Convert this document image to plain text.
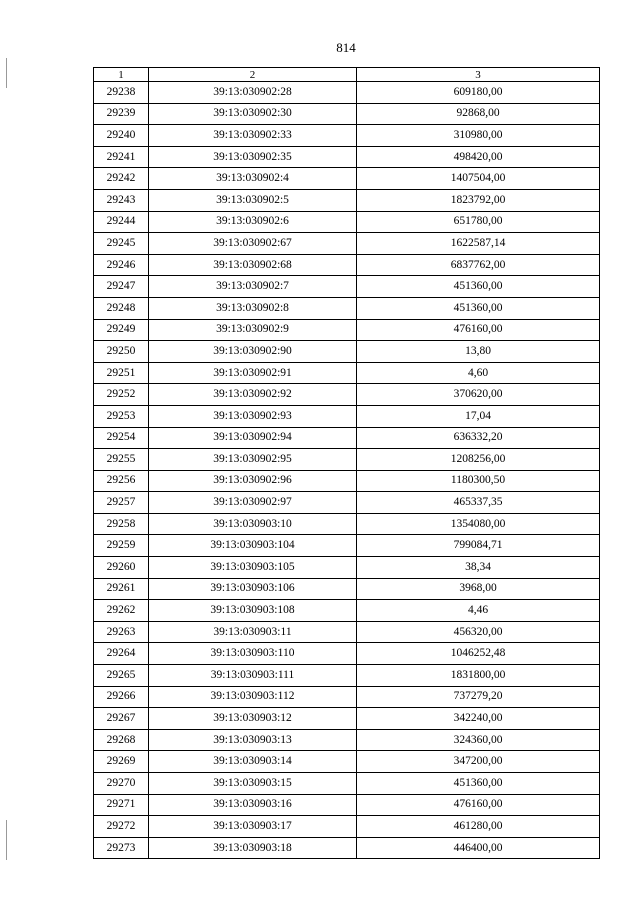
814
1	2	3
29238	39:13:030902:28	609180,00
29239	39:13:030902:30	92868,00
29240	39:13:030902:33	310980,00
29241	39:13:030902:35	498420,00
29242	39:13:030902:4	1407504,00
29243	39:13:030902:5	1823792,00
29244	39:13:030902:6	651780,00
29245	39:13:030902:67	1622587,14
29246	39:13:030902:68	6837762,00
29247	39:13:030902:7	451360,00
29248	39:13:030902:8	451360,00
29249	39:13:030902:9	476160,00
29250	39:13:030902:90	13,80
29251	39:13:030902:91	4,60
29252	39:13:030902:92	370620,00
29253	39:13:030902:93	17,04
29254	39:13:030902:94	636332,20
29255	39:13:030902:95	1208256,00
29256	39:13:030902:96	1180300,50
29257	39:13:030902:97	465337,35
29258	39:13:030903:10	1354080,00
29259	39:13:030903:104	799084,71
29260	39:13:030903:105	38,34
29261	39:13:030903:106	3968,00
29262	39:13:030903:108	4,46
29263	39:13:030903:11	456320,00
29264	39:13:030903:110	1046252,48
29265	39:13:030903:111	1831800,00
29266	39:13:030903:112	737279,20
29267	39:13:030903:12	342240,00
29268	39:13:030903:13	324360,00
29269	39:13:030903:14	347200,00
29270	39:13:030903:15	451360,00
29271	39:13:030903:16	476160,00
29272	39:13:030903:17	461280,00
29273	39:13:030903:18	446400,00
